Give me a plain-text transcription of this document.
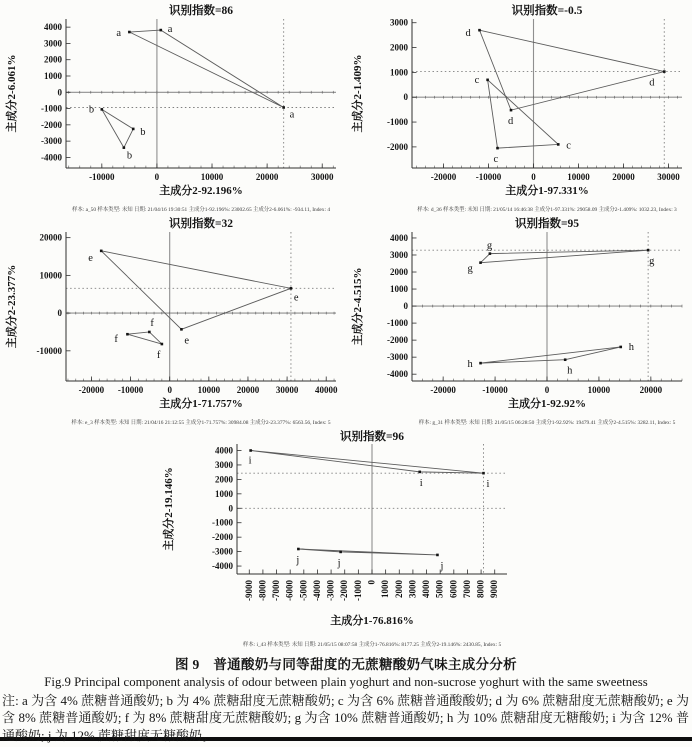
-4000
-3000
-2000
-1000
0
1000
2000
3000
4000
-10000	0	10000	20000	30000
a	a
a
b
b
b
识别指数=86
主成分2-92.196%
主成分2-6.061%
样本: a_50 样本类型: 未知 日期: 21/04/16 19:30:51 主成分1-92.196%: 23002.65 主成分2-6.061%: -934.11, Index: 4
-2000
-1000
0
1000
2000
3000
-20000 -10000	0	10000	20000	30000
d
d
d
c
c
c
识别指数=-0.5
主成分1-97.331%
主成分2-1.409%
样本: d_36 样本类型: 未知 日期: 21/05/14 16:46:38 主成分1-97.331%: 29058.09 主成分2-1.409%: 1032.23, Index: 3
-10000
0
10000
20000
-20000 -10000	0	10000 20000 30000 40000
e
e
e
f
f
f
识别指数=32
主成分1-71.757%
主成分2-23.377%
样本: e_3 样本类型: 未知 日期: 21/04/16 21:12:55 主成分1-71.757%: 30984.08 主成分2-23.377%: 6563.56, Index: 5
-4000
-3000
-2000
-1000
0
1000
2000
3000
4000
-20000	-10000	0	10000	20000
g
g
g
h
h
h
识别指数=95
主成分1-92.92%
主成分2-4.515%
样本: g_31 样本类型: 未知 日期: 21/05/15 06:28:50 主成分1-92.92%: 19479.41 主成分2-4.515%: 3282.11, Index: 5
-4000
-3000
-2000
-1000
0
1000
2000
3000
4000
-9000 -8000 -7000 -6000 -5000 -4000 -3000 -2000 -1000 0 1000 2000 3000 4000 5000 6000 7000 8000 9000
i
i	i
j	j	j
识别指数=96
主成分1-76.816%
主成分2-19.146%
样本: i_43 样本类型: 未知 日期: 21/05/15 08:07:58 主成分1-76.816%: 8177.25 主成分2-19.146%: 2430.85, Index: 5
图 9　普通酸奶与同等甜度的无蔗糖酸奶气味主成分分析
Fig.9 Principal component analysis of odour between plain yoghurt and non-sucrose yoghurt with the same sweetness
注: a 为含 4% 蔗糖普通酸奶; b 为 4% 蔗糖甜度无蔗糖酸奶; c 为含 6% 蔗糖普通酸酸奶; d 为 6% 蔗糖甜度无蔗糖酸奶; e 为含 8% 蔗糖普通酸奶; f 为 8% 蔗糖甜度无蔗糖酸奶; g 为含 10% 蔗糖普通酸奶; h 为 10% 蔗糖甜度无糖酸奶; i 为含 12% 普通酸奶; j 为 12% 蔗糖甜度无糖酸奶。
